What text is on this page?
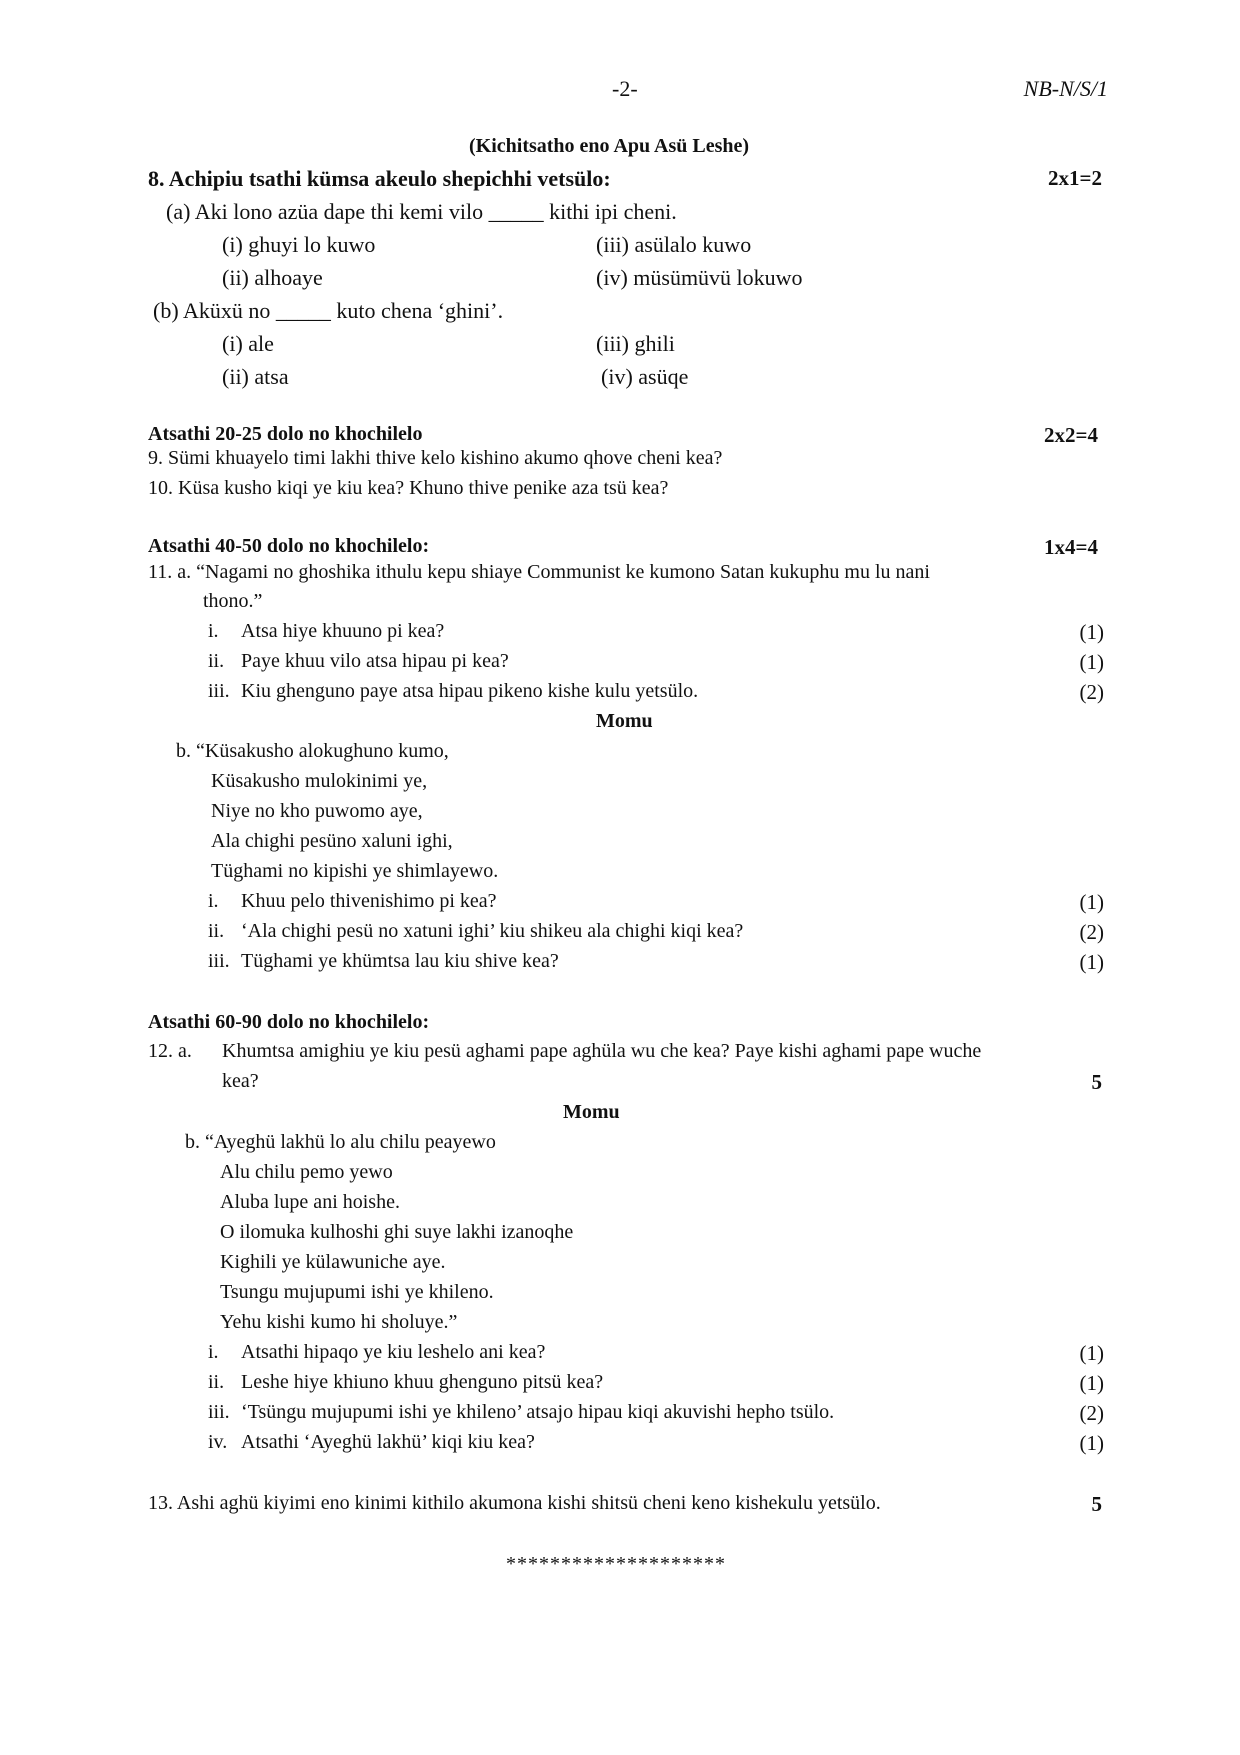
-2-	NB-N/S/1
(Kichitsatho eno Apu Asü Leshe)
8. Achipiu tsathi kümsa akeulo shepichhi vetsülo:	2x1=2
(a) Aki lono azüa dape thi kemi vilo _____ kithi ipi cheni.
(i) ghuyi lo kuwo	(iii) asülalo kuwo
(ii) alhoaye	(iv) müsümüvü lokuwo
(b) Aküxü no _____ kuto chena ‘ghini’.
(i) ale	(iii) ghili
(ii) atsa	(iv) asüqe
Atsathi 20-25 dolo no khochilelo	2x2=4
9. Sümi khuayelo timi lakhi thive kelo kishino akumo qhove cheni kea?
10. Küsa kusho kiqi ye kiu kea? Khuno thive penike aza tsü kea?
Atsathi 40-50 dolo no khochilelo:	1x4=4
11. a. “Nagami no ghoshika ithulu kepu shiaye Communist ke kumono Satan kukuphu mu lu nani
thono.”
i. Atsa hiye khuuno pi kea?	(1)
ii. Paye khuu vilo atsa hipau pi kea?	(1)
iii. Kiu ghenguno paye atsa hipau pikeno kishe kulu yetsülo.	(2)
Momu
b. “Küsakusho alokughuno kumo,
Küsakusho mulokinimi ye,
Niye no kho puwomo aye,
Ala chighi pesüno xaluni ighi,
Tüghami no kipishi ye shimlayewo.
i. Khuu pelo thivenishimo pi kea?	(1)
ii. ‘Ala chighi pesü no xatuni ighi’ kiu shikeu ala chighi kiqi kea?	(2)
iii. Tüghami ye khümtsa lau kiu shive kea?	(1)
Atsathi 60-90 dolo no khochilelo:
12. a. Khumtsa amighiu ye kiu pesü aghami pape aghüla wu che kea? Paye kishi aghami pape wuche
kea?	5
Momu
b. “Ayeghü lakhü lo alu chilu peayewo
Alu chilu pemo yewo
Aluba lupe ani hoishe.
O ilomuka kulhoshi ghi suye lakhi izanoqhe
Kighili ye külawuniche aye.
Tsungu mujupumi ishi ye khileno.
Yehu kishi kumo hi sholuye.”
i. Atsathi hipaqo ye kiu leshelo ani kea?	(1)
ii. Leshe hiye khiuno khuu ghenguno pitsü kea?	(1)
iii. ‘Tsüngu mujupumi ishi ye khileno’ atsajo hipau kiqi akuvishi hepho tsülo.	(2)
iv. Atsathi ‘Ayeghü lakhü’ kiqi kiu kea?	(1)
13. Ashi aghü kiyimi eno kinimi kithilo akumona kishi shitsü cheni keno kishekulu yetsülo.	5
********************
